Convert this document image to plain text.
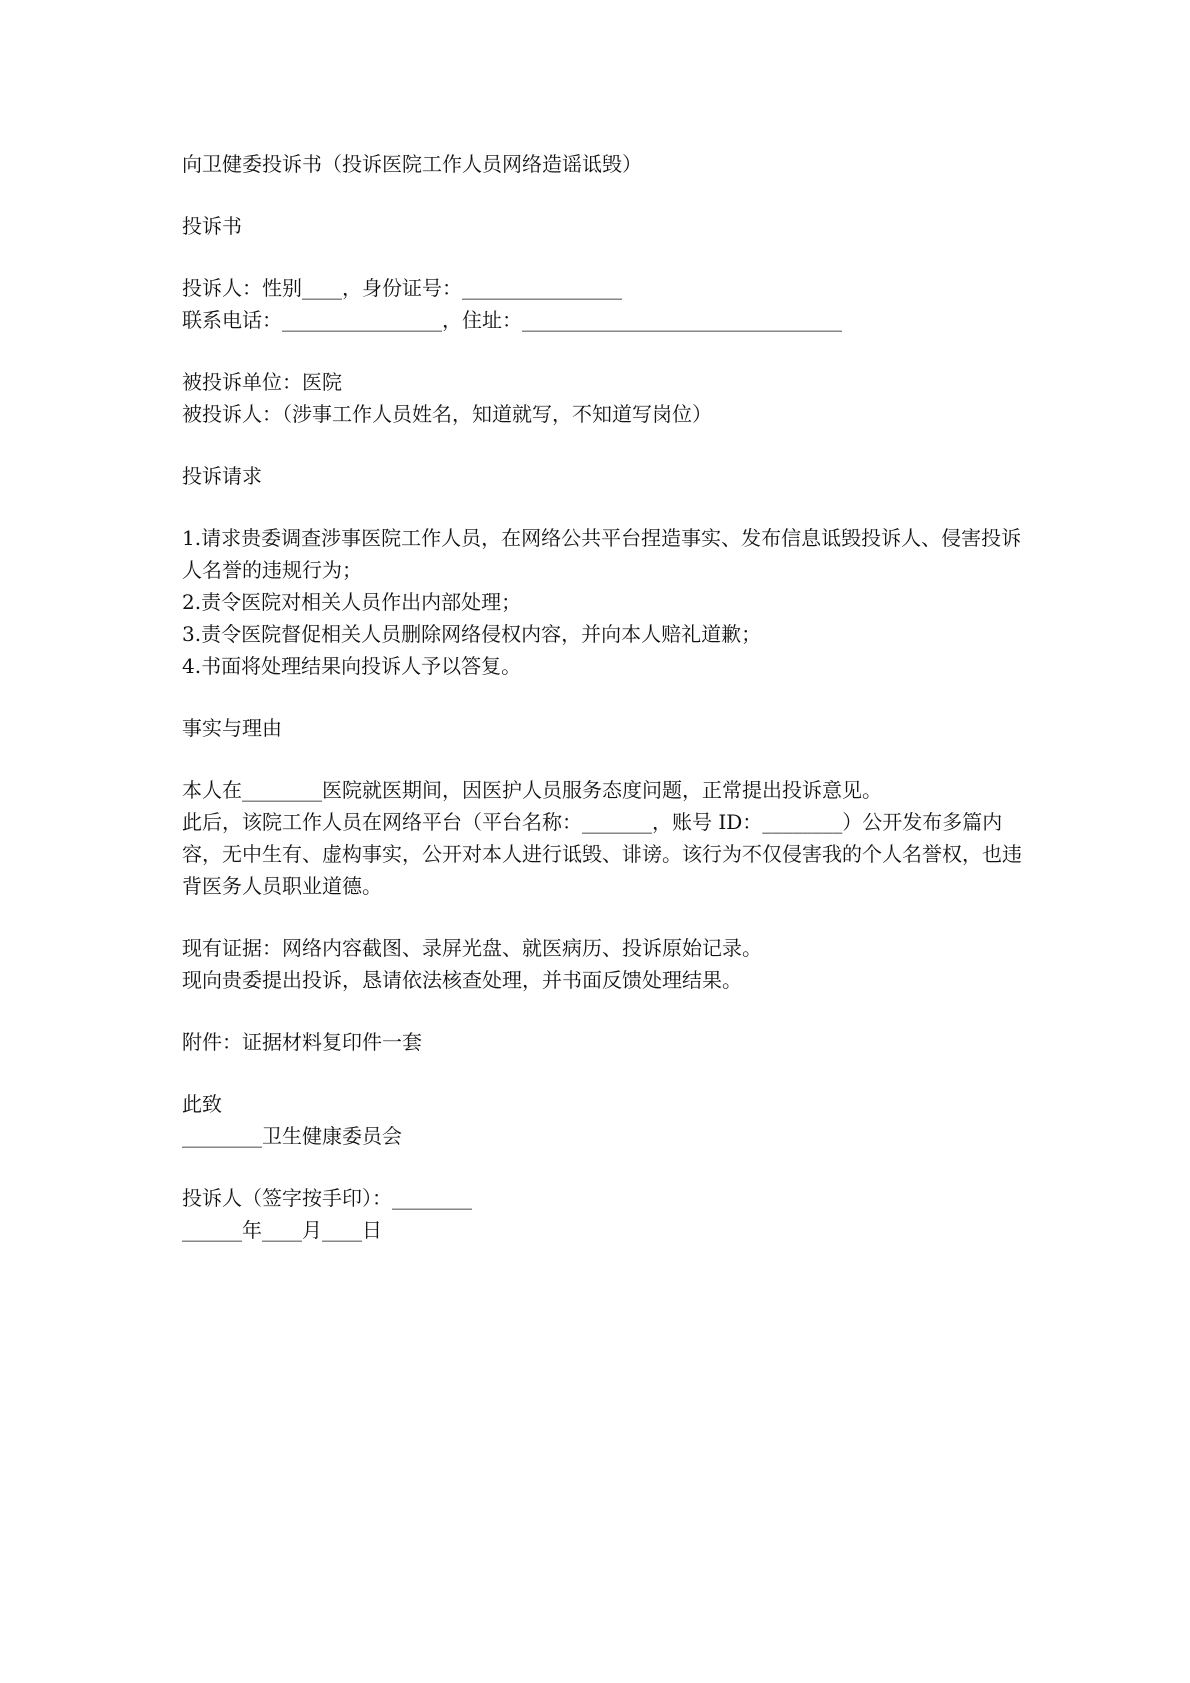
向卫健委投诉书（投诉医院工作人员网络造谣诋毁）
投诉书
投诉人：性别____，身份证号：________________
联系电话：________________，住址：________________________________
被投诉单位：医院
被投诉人：（涉事工作人员姓名，知道就写，不知道写岗位）
投诉请求
1.请求贵委调查涉事医院工作人员，在网络公共平台捏造事实、发布信息诋毁投诉人、侵害投诉人名誉的违规行为；
2.责令医院对相关人员作出内部处理；
3.责令医院督促相关人员删除网络侵权内容，并向本人赔礼道歉；
4.书面将处理结果向投诉人予以答复。
事实与理由
本人在________医院就医期间，因医护人员服务态度问题，正常提出投诉意见。
此后，该院工作人员在网络平台（平台名称：_______，账号 ID：________）公开发布多篇内容，无中生有、虚构事实，公开对本人进行诋毁、诽谤。该行为不仅侵害我的个人名誉权，也违背医务人员职业道德。
现有证据：网络内容截图、录屏光盘、就医病历、投诉原始记录。
现向贵委提出投诉，恳请依法核查处理，并书面反馈处理结果。
附件：证据材料复印件一套
此致
________卫生健康委员会
投诉人（签字按手印）：________
______年____月____日
